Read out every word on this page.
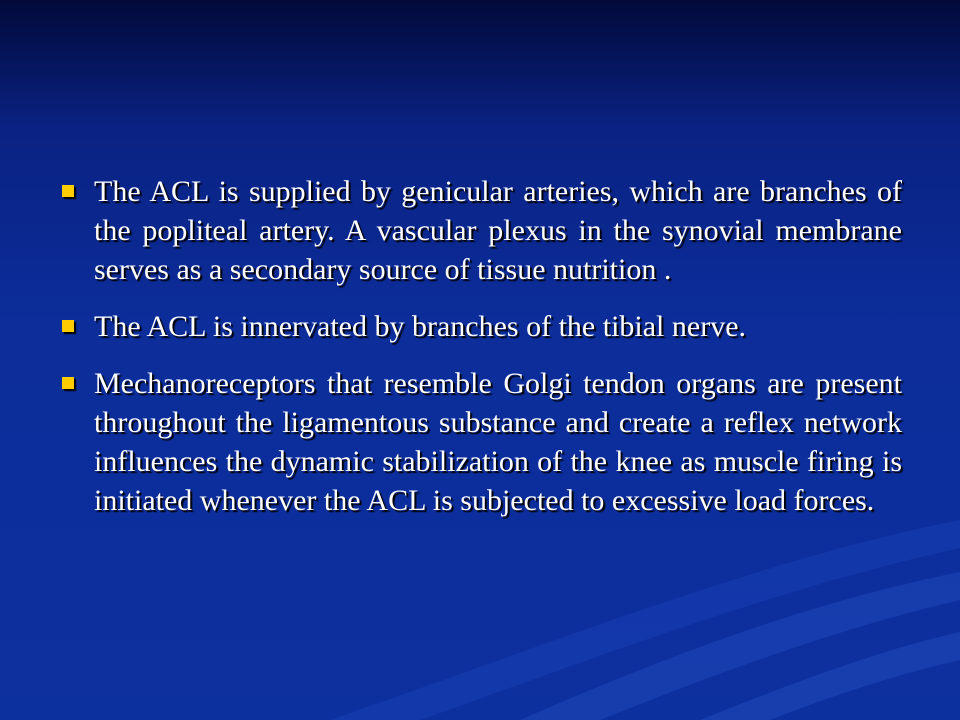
The ACL is supplied by genicular arteries, which are branches of the popliteal artery. A vascular plexus in the synovial membrane serves as a secondary source of tissue nutrition .
The ACL is innervated by branches of the tibial nerve.
Mechanoreceptors that resemble Golgi tendon organs are present throughout the ligamentous substance and create a reflex network influences the dynamic stabilization of the knee as muscle firing is initiated whenever the ACL is subjected to excessive load forces.
